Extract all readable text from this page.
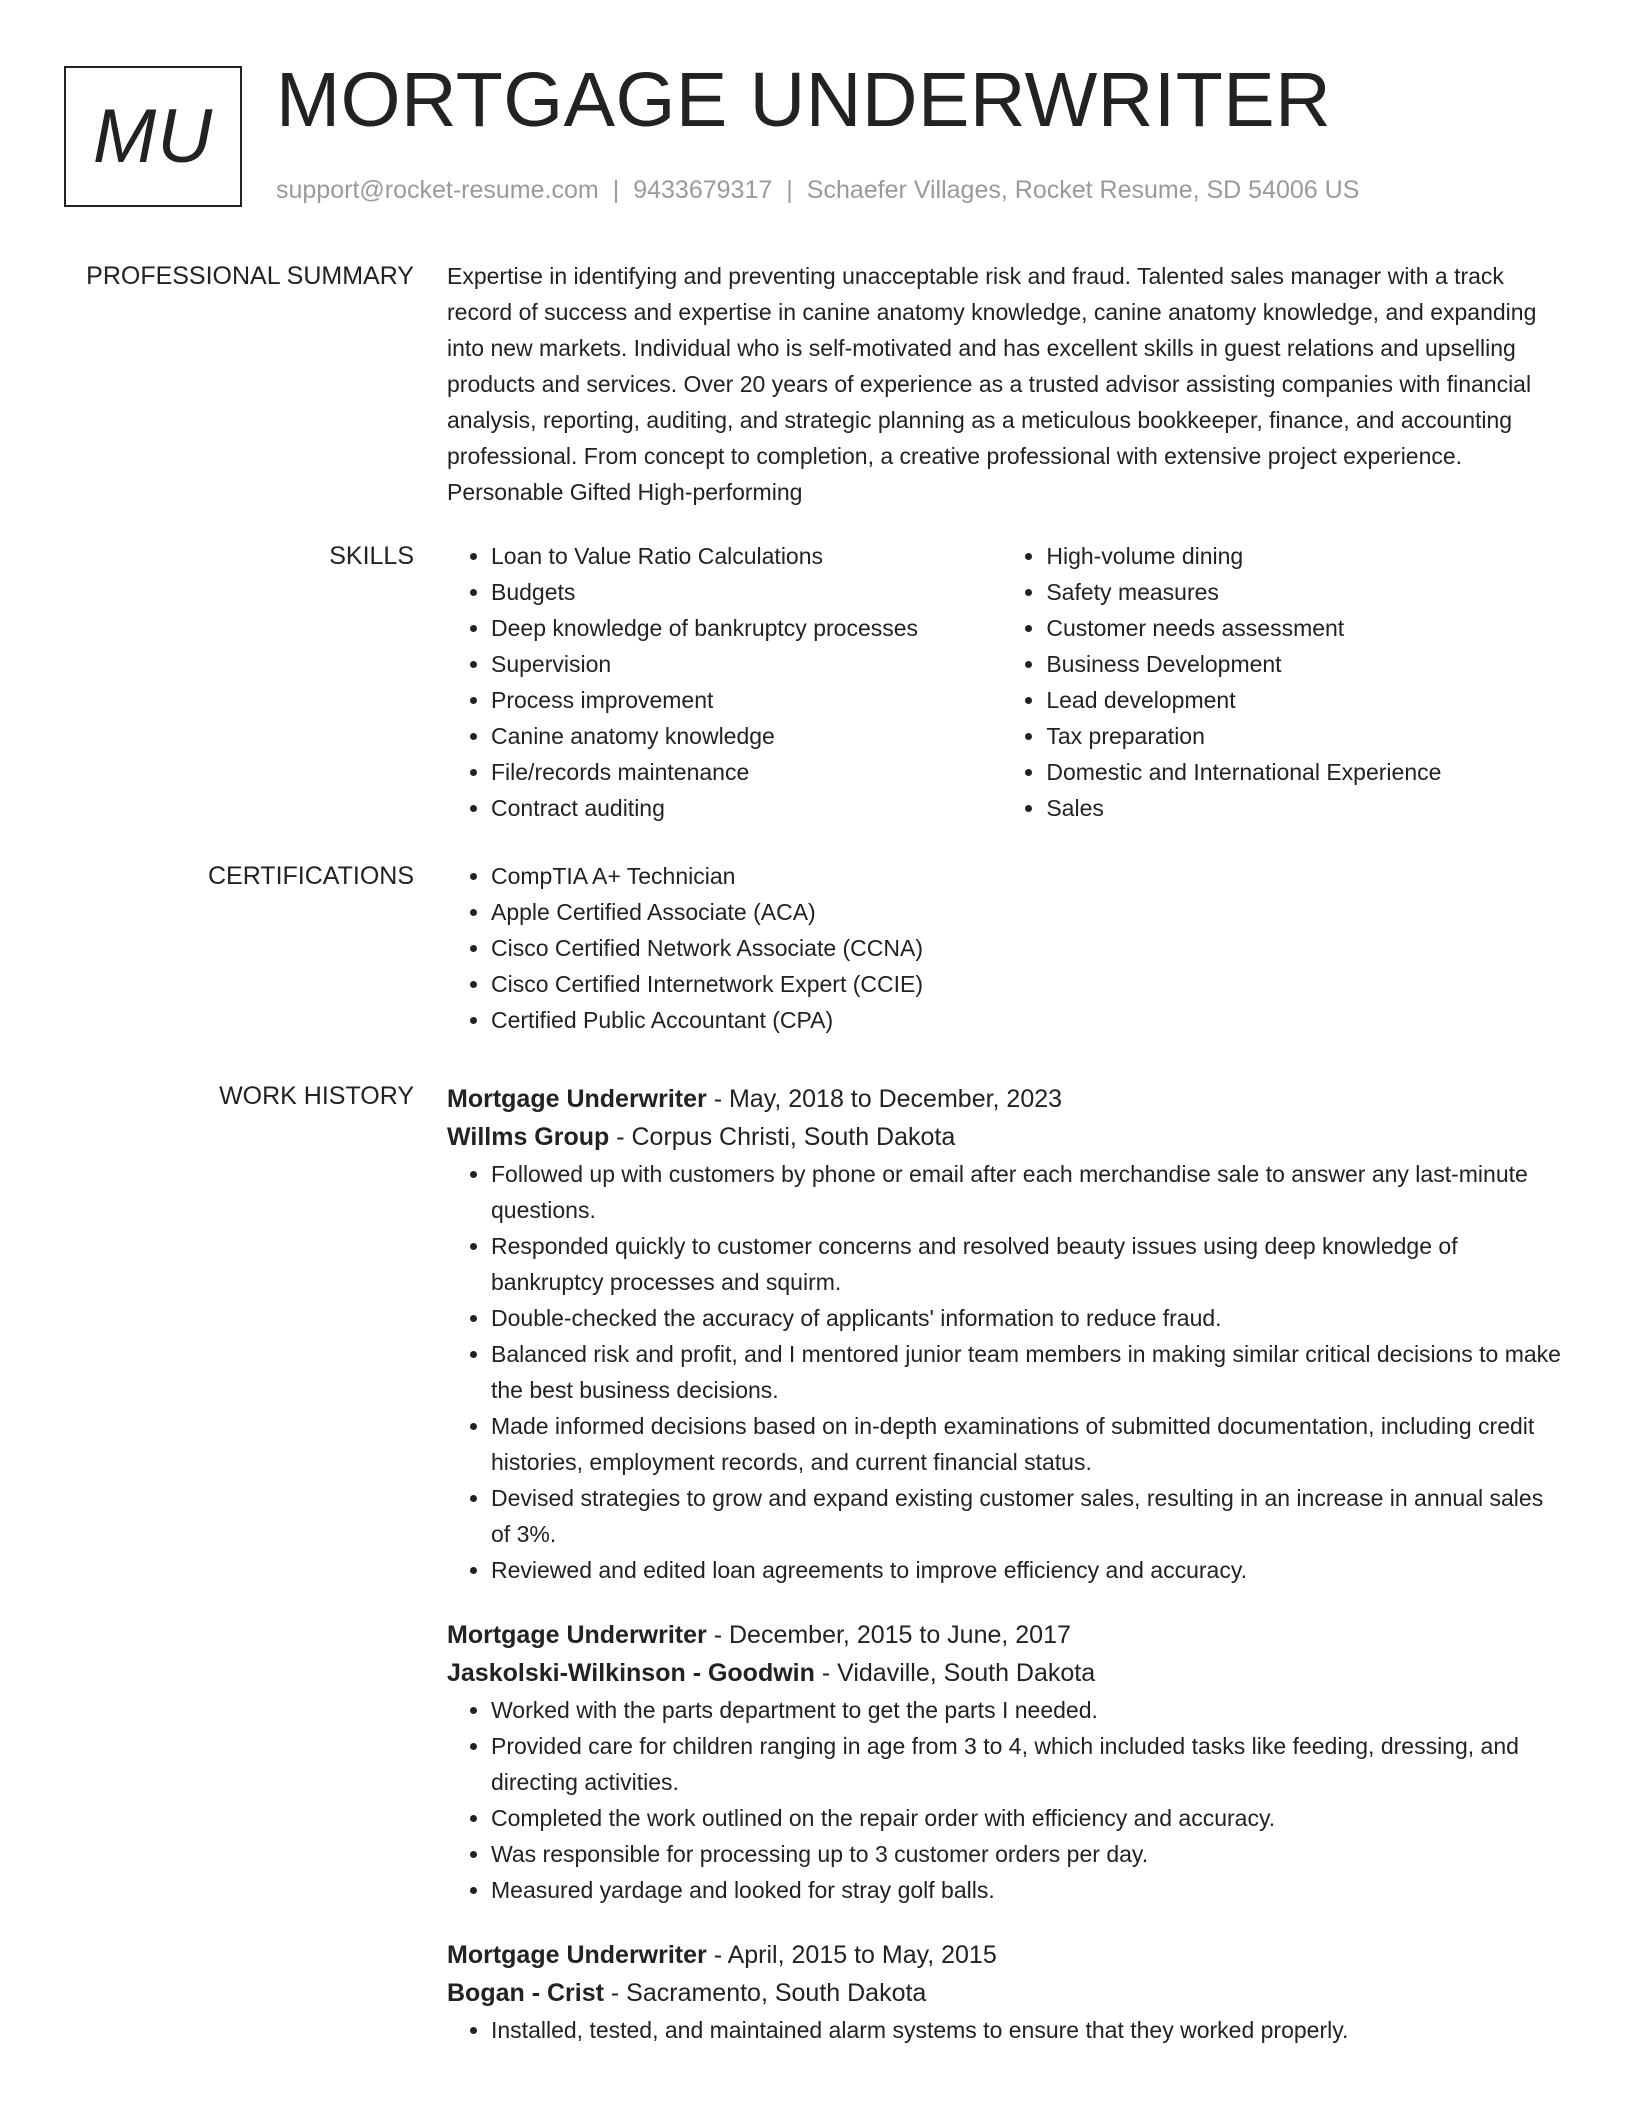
MU MORTGAGE UNDERWRITER
support@rocket-resume.com | 9433679317 | Schaefer Villages, Rocket Resume, SD 54006 US
PROFESSIONAL SUMMARY Expertise in identifying and preventing unacceptable risk and fraud. Talented sales manager with a track record of success and expertise in canine anatomy knowledge, canine anatomy knowledge, and expanding into new markets. Individual who is self-motivated and has excellent skills in guest relations and upselling products and services. Over 20 years of experience as a trusted advisor assisting companies with financial analysis, reporting, auditing, and strategic planning as a meticulous bookkeeper, finance, and accounting professional. From concept to completion, a creative professional with extensive project experience. Personable Gifted High-performing

SKILLS	• Loan to Value Ratio Calculations
• Budgets
• Deep knowledge of bankruptcy processes
• Supervision
• Process improvement
• Canine anatomy knowledge
• File/records maintenance
• Contract auditing
• High-volume dining
• Safety measures
• Customer needs assessment
• Business Development
• Lead development
• Tax preparation
• Domestic and International Experience
• Sales
CERTIFICATIONS	• CompTIA A+ Technician
• Apple Certified Associate (ACA)
• Cisco Certified Network Associate (CCNA)
• Cisco Certified Internetwork Expert (CCIE)
• Certified Public Accountant (CPA)
WORK HISTORY Mortgage Underwriter - May, 2018 to December, 2023

Willms Group - Corpus Christi, South Dakota

• Followed up with customers by phone or email after each merchandise sale to answer any last-minute questions.
• Responded quickly to customer concerns and resolved beauty issues using deep knowledge of bankruptcy processes and squirm.
• Double-checked the accuracy of applicants' information to reduce fraud.
• Balanced risk and profit, and I mentored junior team members in making similar critical decisions to make the best business decisions.
• Made informed decisions based on in-depth examinations of submitted documentation, including credit histories, employment records, and current financial status.
• Devised strategies to grow and expand existing customer sales, resulting in an increase in annual sales of 3%.
• Reviewed and edited loan agreements to improve efficiency and accuracy.

Mortgage Underwriter - December, 2015 to June, 2017

Jaskolski-Wilkinson - Goodwin - Vidaville, South Dakota

• Worked with the parts department to get the parts I needed.
• Provided care for children ranging in age from 3 to 4, which included tasks like feeding, dressing, and directing activities.
• Completed the work outlined on the repair order with efficiency and accuracy.
• Was responsible for processing up to 3 customer orders per day.
• Measured yardage and looked for stray golf balls.

Mortgage Underwriter - April, 2015 to May, 2015

Bogan - Crist - Sacramento, South Dakota

• Installed, tested, and maintained alarm systems to ensure that they worked properly.
